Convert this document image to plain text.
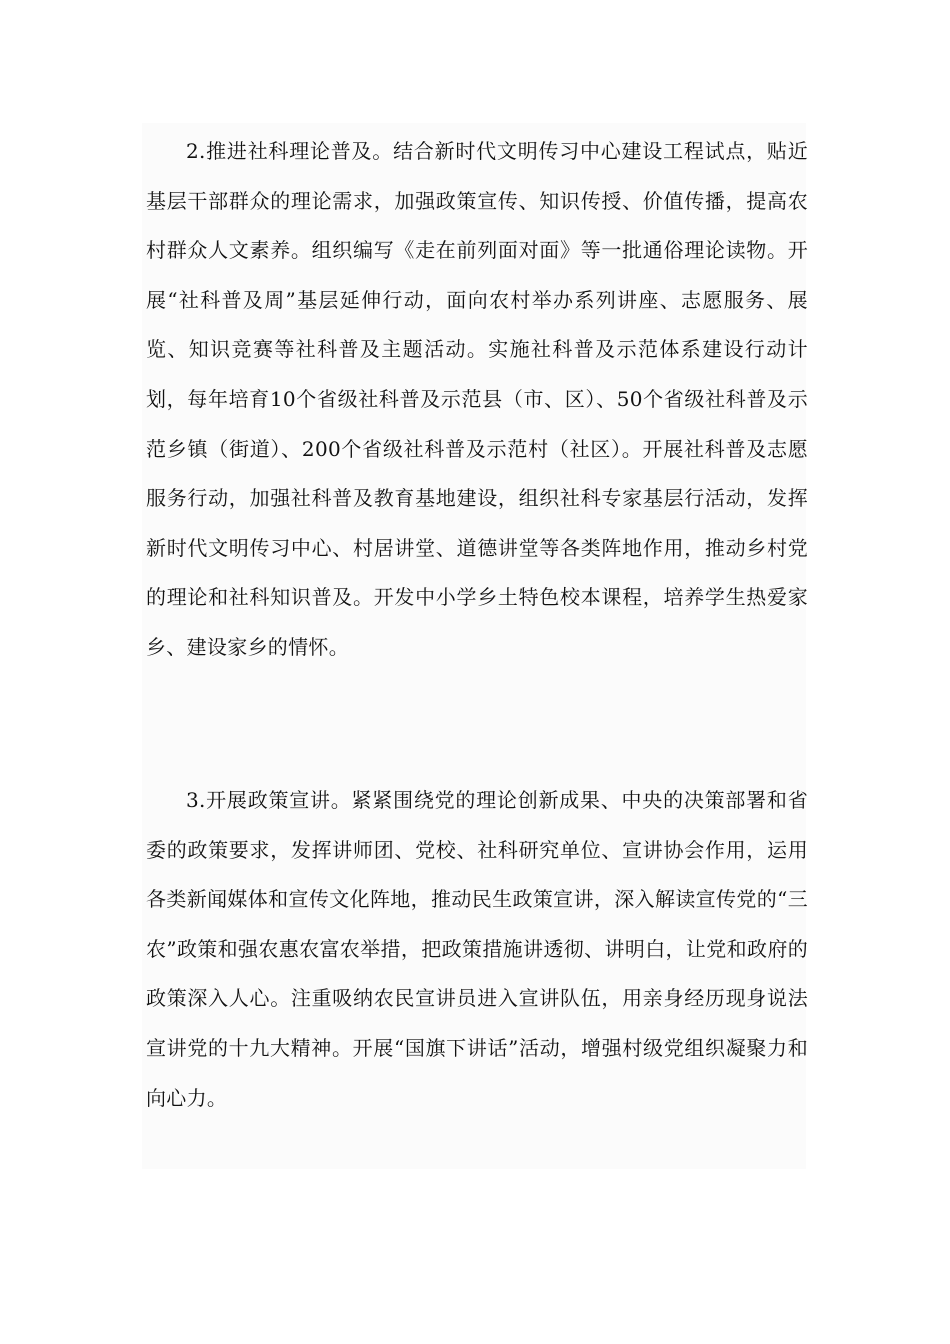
2.推进社科理论普及。结合新时代文明传习中心建设工程试点，贴近基层干部群众的理论需求，加强政策宣传、知识传授、价值传播，提高农村群众人文素养。组织编写《走在前列面对面》等一批通俗理论读物。开展“社科普及周”基层延伸行动，面向农村举办系列讲座、志愿服务、展览、知识竞赛等社科普及主题活动。实施社科普及示范体系建设行动计划，每年培育10个省级社科普及示范县（市、区）、50个省级社科普及示范乡镇（街道）、200个省级社科普及示范村（社区）。开展社科普及志愿服务行动，加强社科普及教育基地建设，组织社科专家基层行活动，发挥新时代文明传习中心、村居讲堂、道德讲堂等各类阵地作用，推动乡村党的理论和社科知识普及。开发中小学乡土特色校本课程，培养学生热爱家乡、建设家乡的情怀。

3.开展政策宣讲。紧紧围绕党的理论创新成果、中央的决策部署和省委的政策要求，发挥讲师团、党校、社科研究单位、宣讲协会作用，运用各类新闻媒体和宣传文化阵地，推动民生政策宣讲，深入解读宣传党的“三农”政策和强农惠农富农举措，把政策措施讲透彻、讲明白，让党和政府的政策深入人心。注重吸纳农民宣讲员进入宣讲队伍，用亲身经历现身说法宣讲党的十九大精神。开展“国旗下讲话”活动，增强村级党组织凝聚力和向心力。
